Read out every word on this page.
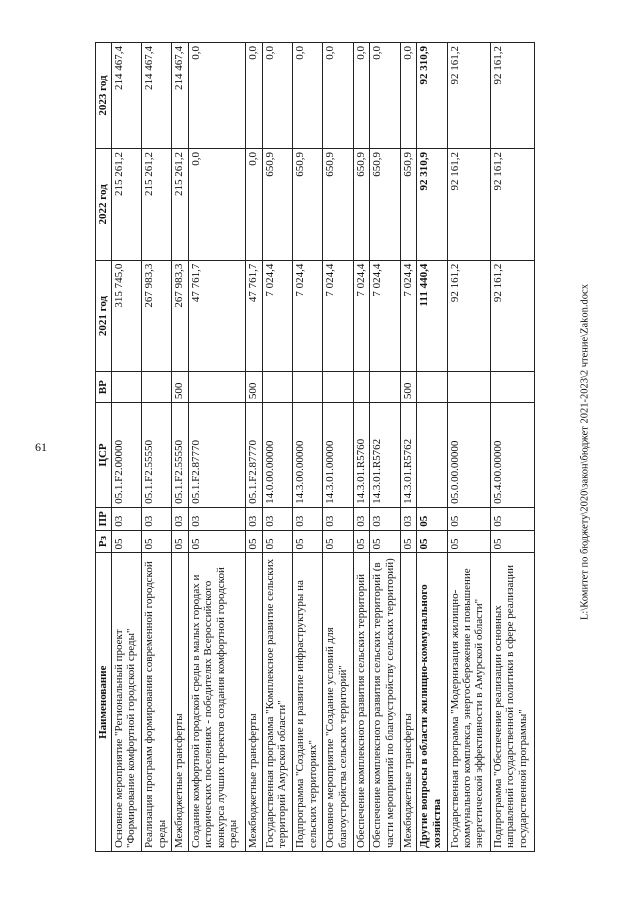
61
Наименование	Рз	ПР	ЦСР	ВР	2021 год	2022 год	2023 год
Основное мероприятие "Региональный проект "Формирование комфортной городской среды"	05	03	05.1.F2.00000		315 745,0	215 261,2	214 467,4
Реализация программ формирования современной городской среды	05	03	05.1.F2.55550		267 983,3	215 261,2	214 467,4
Межбюджетные трансферты	05	03	05.1.F2.55550	500	267 983,3	215 261,2	214 467,4
Создание комфортной городской среды в малых городах и исторических поселениях - победителях Всероссийского конкурса лучших проектов создания комфортной городской среды	05	03	05.1.F2.87770		47 761,7	0,0	0,0
Межбюджетные трансферты	05	03	05.1.F2.87770	500	47 761,7	0,0	0,0
Государственная программа "Комплексное развитие сельских территорий Амурской области"	05	03	14.0.00.00000		7 024,4	650,9	0,0
Подпрограмма "Создание и развитие инфраструктуры на сельских территориях"	05	03	14.3.00.00000		7 024,4	650,9	0,0
Основное мероприятие "Создание условий для благоустройства сельских территорий"	05	03	14.3.01.00000		7 024,4	650,9	0,0
Обеспечение комплексного развития сельских территорий	05	03	14.3.01.R5760		7 024,4	650,9	0,0
Обеспечение комплексного развития сельских территорий (в части мероприятий по благоустройству сельских территорий)	05	03	14.3.01.R5762		7 024,4	650,9	0,0
Межбюджетные трансферты	05	03	14.3.01.R5762	500	7 024,4	650,9	0,0
Другие вопросы в области жилищно-коммунального хозяйства	05	05			111 440,4	92 310,9	92 310,9
Государственная программа "Модернизация жилищно-коммунального комплекса, энергосбережение и повышение энергетической эффективности в Амурской области"	05	05	05.0.00.00000		92 161,2	92 161,2	92 161,2
Подпрограмма "Обеспечение реализации основных направлений государственной политики в сфере реализации государственной программы"	05	05	05.4.00.00000		92 161,2	92 161,2	92 161,2
L:\Комитет по бюджету\2020\закон\бюджет 2021-2023\2 чтение\Zakon.docx
